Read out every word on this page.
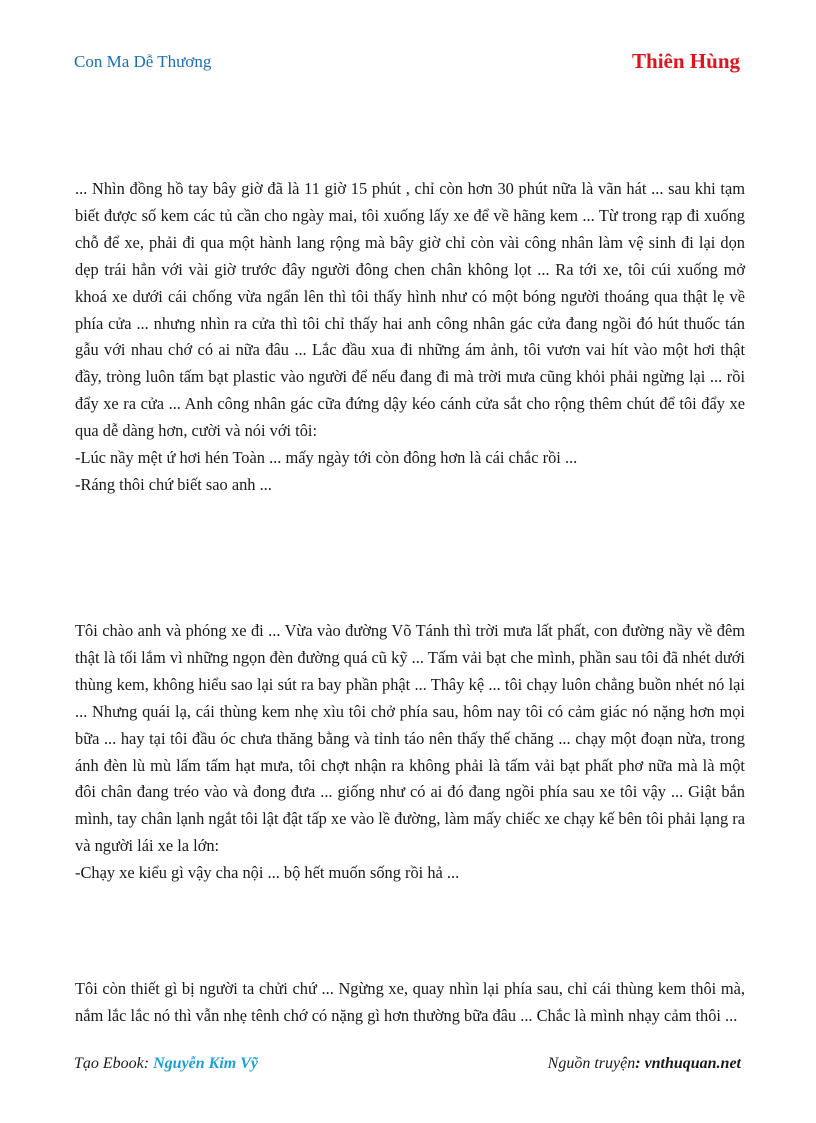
Con Ma Dễ Thương	Thiên Hùng

... Nhìn đồng hồ tay bây giờ đã là 11 giờ 15 phút , chỉ còn hơn 30 phút nữa là vãn hát ... sau khi tạm biết được số kem các tủ cần cho ngày mai, tôi xuống lấy xe để về hãng kem ... Từ trong rạp đi xuống chỗ để xe, phải đi qua một hành lang rộng mà bây giờ chỉ còn vài công nhân làm vệ sinh đi lại dọn dẹp trái hẳn với vài giờ trước đây người đông chen chân không lọt ... Ra tới xe, tôi cúi xuống mở khoá xe dưới cái chống vừa ngẩn lên thì tôi thấy hình như có một bóng người thoáng qua thật lẹ về phía cửa ... nhưng nhìn ra cửa thì tôi chỉ thấy hai anh công nhân gác cửa đang ngồi đó hút thuốc tán gẫu với nhau chớ có ai nữa đâu ... Lắc đầu xua đi những ám ảnh, tôi vươn vai hít vào một hơi thật đầy, tròng luôn tấm bạt plastic vào người để nếu đang đi mà trời mưa cũng khỏi phải ngừng lại ... rồi đẩy xe ra cửa ... Anh công nhân gác cữa đứng dậy kéo cánh cửa sắt cho rộng thêm chút để tôi đẩy xe qua dễ dàng hơn, cười và nói với tôi:

-Lúc nầy mệt ứ hơi hén Toàn ... mấy ngày tới còn đông hơn là cái chắc rồi ...

-Ráng thôi chứ biết sao anh ...

Tôi chào anh và phóng xe đi ... Vừa vào đường Võ Tánh thì trời mưa lất phất, con đường nầy về đêm thật là tối lắm vì những ngọn đèn đường quá cũ kỹ ... Tấm vải bạt che mình, phần sau tôi đã nhét dưới thùng kem, không hiểu sao lại sút ra bay phần phật ... Thây kệ ... tôi chạy luôn chẳng buồn nhét nó lại ... Nhưng quái lạ, cái thùng kem nhẹ xìu tôi chở phía sau, hôm nay tôi có cảm giác nó nặng hơn mọi bữa ... hay tại tôi đầu óc chưa thăng bằng và tỉnh táo nên thấy thế chăng ... chạy một đoạn nừa, trong ánh đèn lù mù lấm tấm hạt mưa, tôi chợt nhận ra không phải là tấm vải bạt phất phơ nữa mà là một đôi chân đang tréo vào và đong đưa ... giống như có ai đó đang ngồi phía sau xe tôi vậy ... Giật bắn mình, tay chân lạnh ngắt tôi lật đật tấp xe vào lề đường, làm mấy chiếc xe chạy kế bên tôi phải lạng ra và người lái xe la lớn:

-Chạy xe kiểu gì vậy cha nội ... bộ hết muốn sống rồi hả ...

Tôi còn thiết gì bị người ta chửi chứ ... Ngừng xe, quay nhìn lại phía sau, chỉ cái thùng kem thôi mà, nắm lắc lắc nó thì vẫn nhẹ tênh chớ có nặng gì hơn thường bữa đâu ... Chắc là mình nhạy cảm thôi ...

Tạo Ebook: Nguyễn Kim Vỹ	Nguồn truyện: vnthuquan.net
